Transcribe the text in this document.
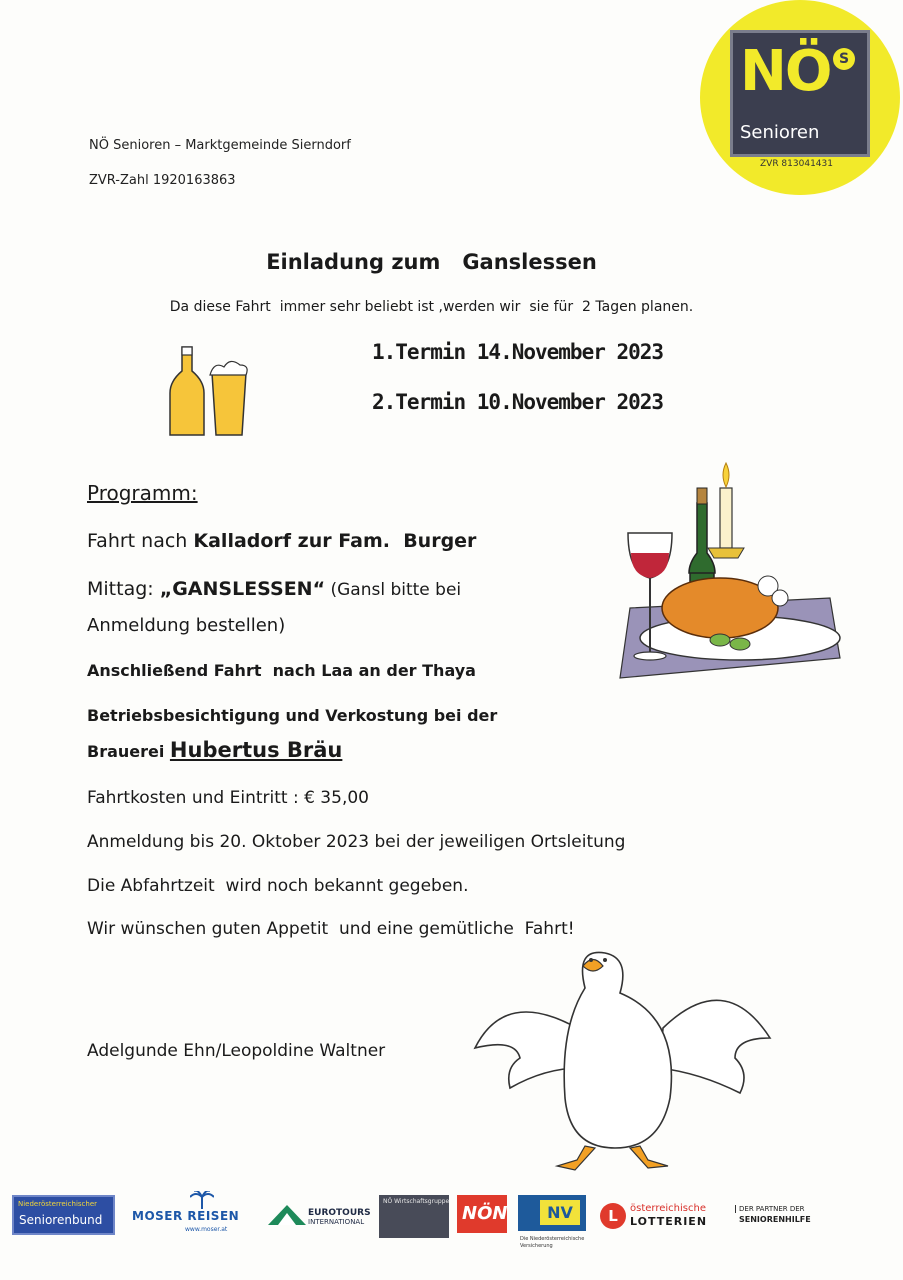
NÖ Senioren – Marktgemeinde Sierndorf
ZVR-Zahl 1920163863
NÖ S
Senioren
ZVR 813041431
Einladung zum   Ganslessen
Da diese Fahrt  immer sehr beliebt ist ,werden wir  sie für  2 Tagen planen.
1.Termin 14.November 2023
2.Termin 10.November 2023
Programm:
Fahrt nach Kalladorf zur Fam.  Burger
Mittag: „GANSLESSEN“ (Gansl bitte bei
Anmeldung bestellen)
Anschließend Fahrt  nach Laa an der Thaya
Betriebsbesichtigung und Verkostung bei der
Brauerei Hubertus Bräu
Fahrtkosten und Eintritt : € 35,00
Anmeldung bis 20. Oktober 2023 bei der jeweiligen Ortsleitung
Die Abfahrtzeit  wird noch bekannt gegeben.
Wir wünschen guten Appetit  und eine gemütliche  Fahrt!
Adelgunde Ehn/Leopoldine Waltner
Niederösterreichischer
Seniorenbund MOSER REISEN
www.moser.at
EUROTOURS
INTERNATIONAL
NÖ Wirtschaftsgruppe
NÖN	NV
Die Niederösterreichische Versicherung
L	österreichische
LOTTERIEN
DER PARTNER DER
SENIORENHILFE
